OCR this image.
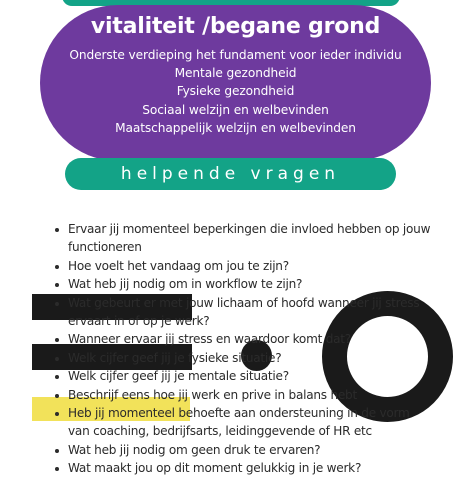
vitaliteit /begane grond
Onderste verdieping het fundament voor ieder individu
Mentale gezondheid
Fysieke gezondheid
Sociaal welzijn en welbevinden
Maatschappelijk welzijn en welbevinden
helpende vragen
Ervaar jij momenteel beperkingen die invloed hebben op jouw functioneren
Hoe voelt het vandaag om jou te zijn?
Wat heb jij nodig om in workflow te zijn?
Wat gebeurt er met jouw lichaam of hoofd wanneer jij stress ervaart in of op je werk?
Wanneer ervaar jij stress en waardoor komt dat?
Welk cijfer geef jij je fysieke situatie?
Welk cijfer geef jij je mentale situatie?
Beschrijf eens hoe jij werk en prive in balans hebt
Heb jij momenteel behoefte aan ondersteuning in de vorm
van coaching, bedrijfsarts, leidinggevende of HR etc
Wat heb jij nodig om geen druk te ervaren?
Wat maakt jou op dit moment gelukkig in je werk?
